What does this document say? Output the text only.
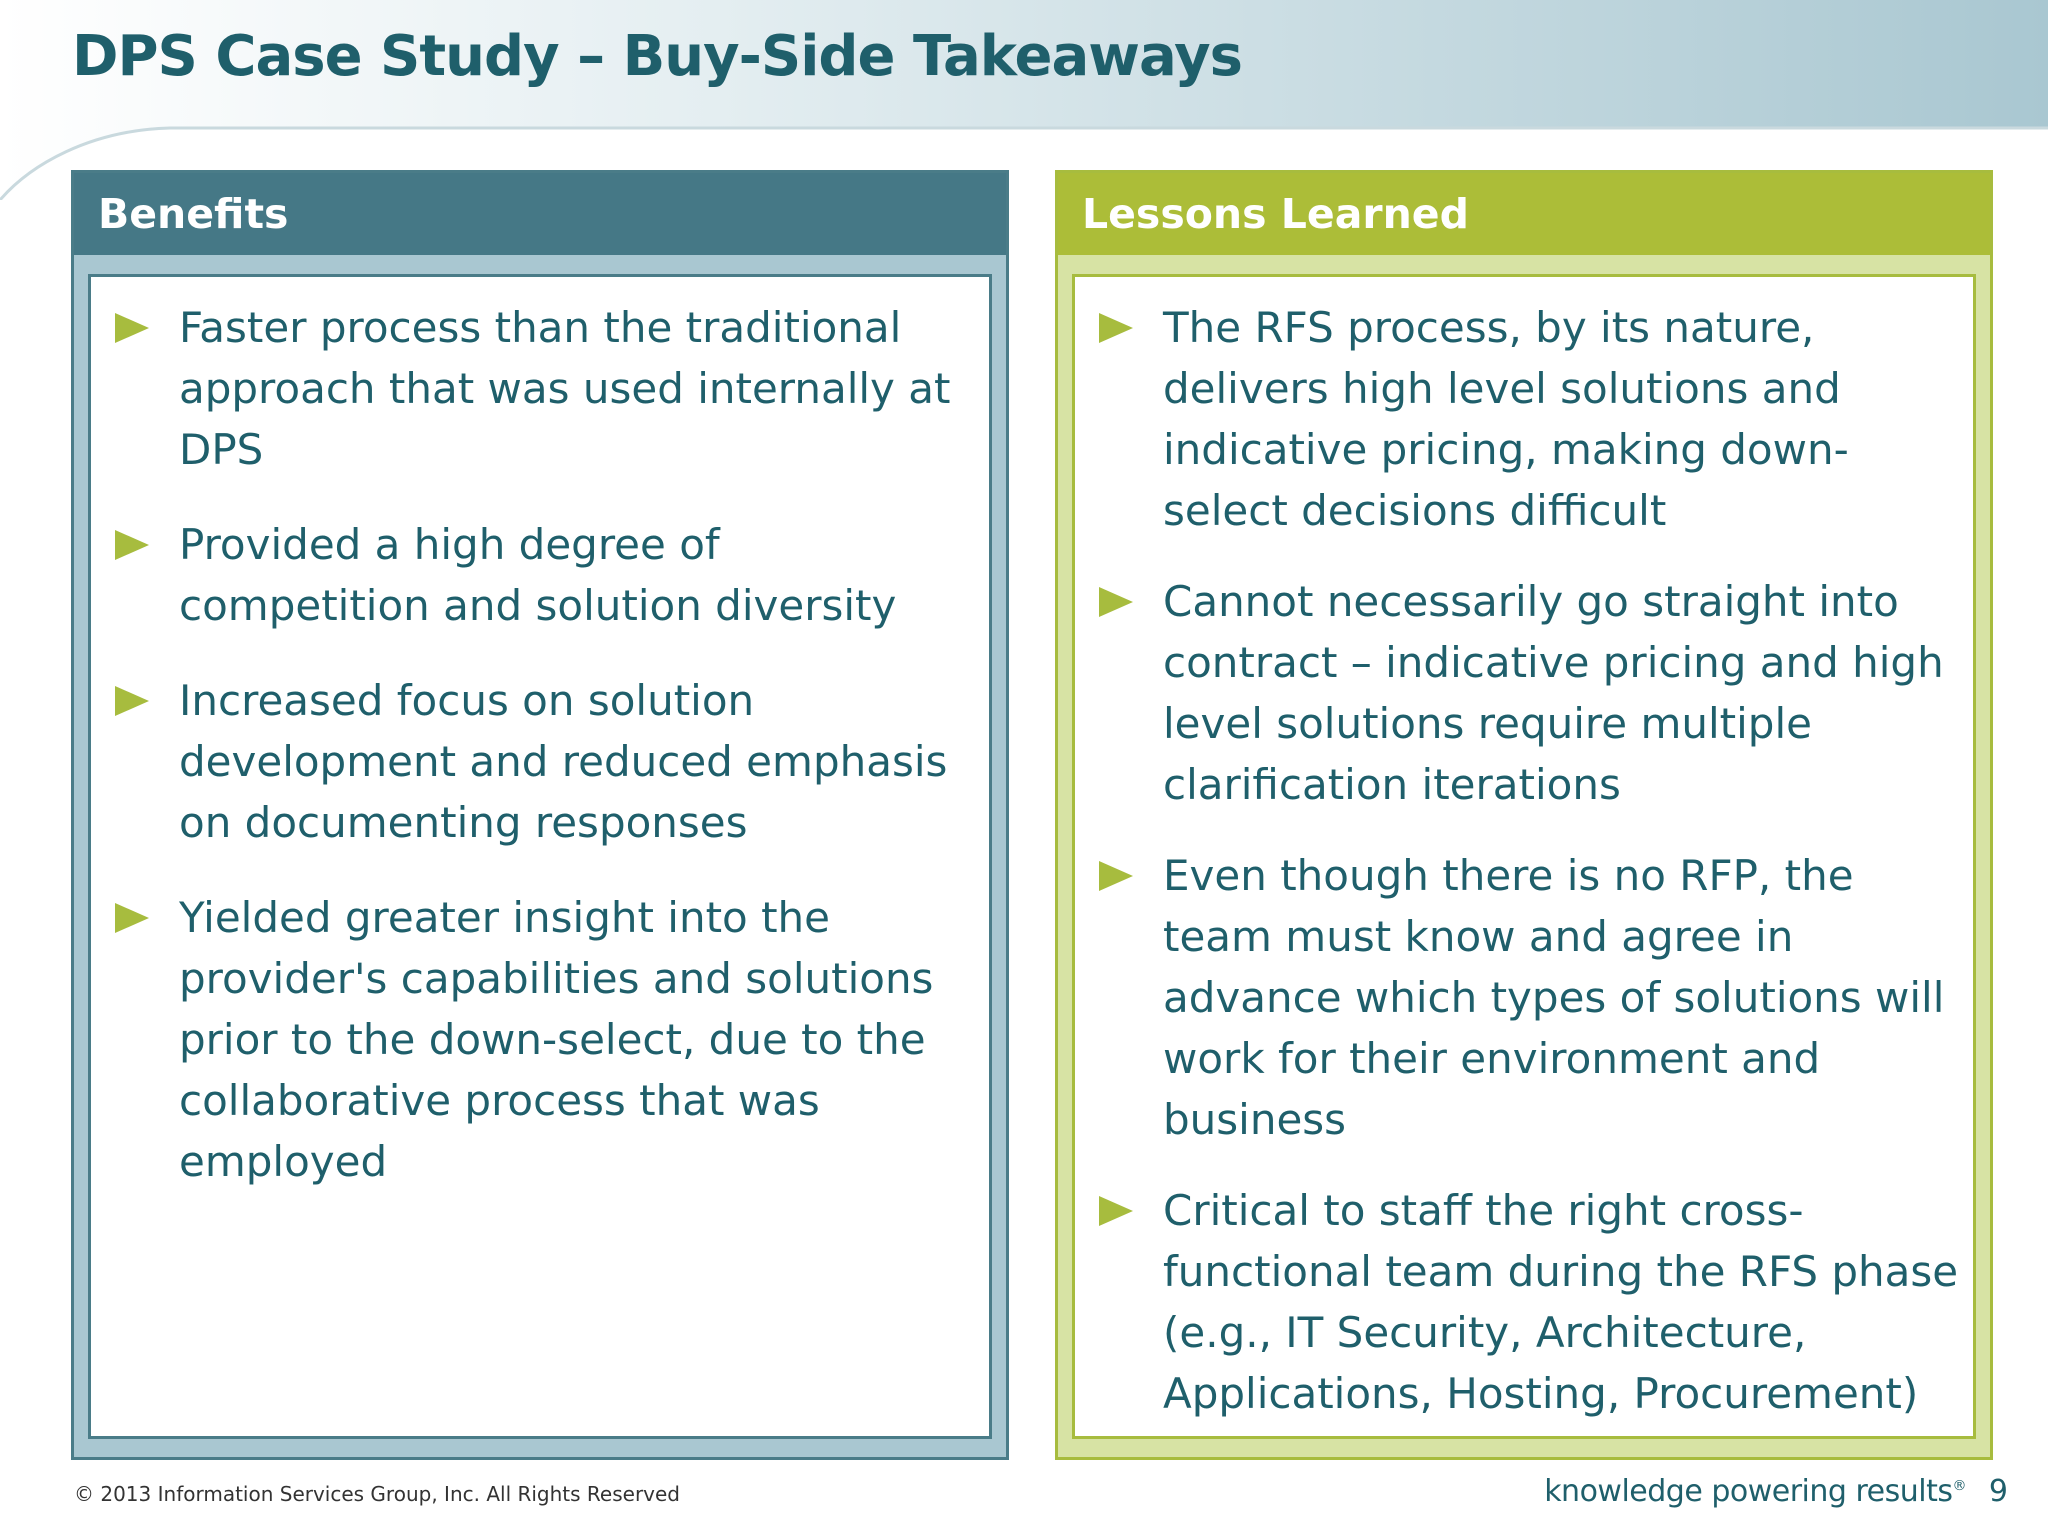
DPS Case Study – Buy-Side Takeaways
Benefits
Faster process than the traditional approach that was used internally at DPS
Provided a high degree of competition and solution diversity
Increased focus on solution development and reduced emphasis on documenting responses
Yielded greater insight into the provider's capabilities and solutions prior to the down-select, due to the collaborative process that was employed
Lessons Learned
The RFS process, by its nature, delivers high level solutions and indicative pricing, making down-select decisions difficult
Cannot necessarily go straight into contract – indicative pricing and high level solutions require multiple clarification iterations
Even though there is no RFP, the team must know and agree in advance which types of solutions will work for their environment and business
Critical to staff the right cross-functional team during the RFS phase (e.g., IT Security, Architecture, Applications, Hosting, Procurement)
© 2013 Information Services Group, Inc. All Rights Reserved	knowledge powering results® 9
